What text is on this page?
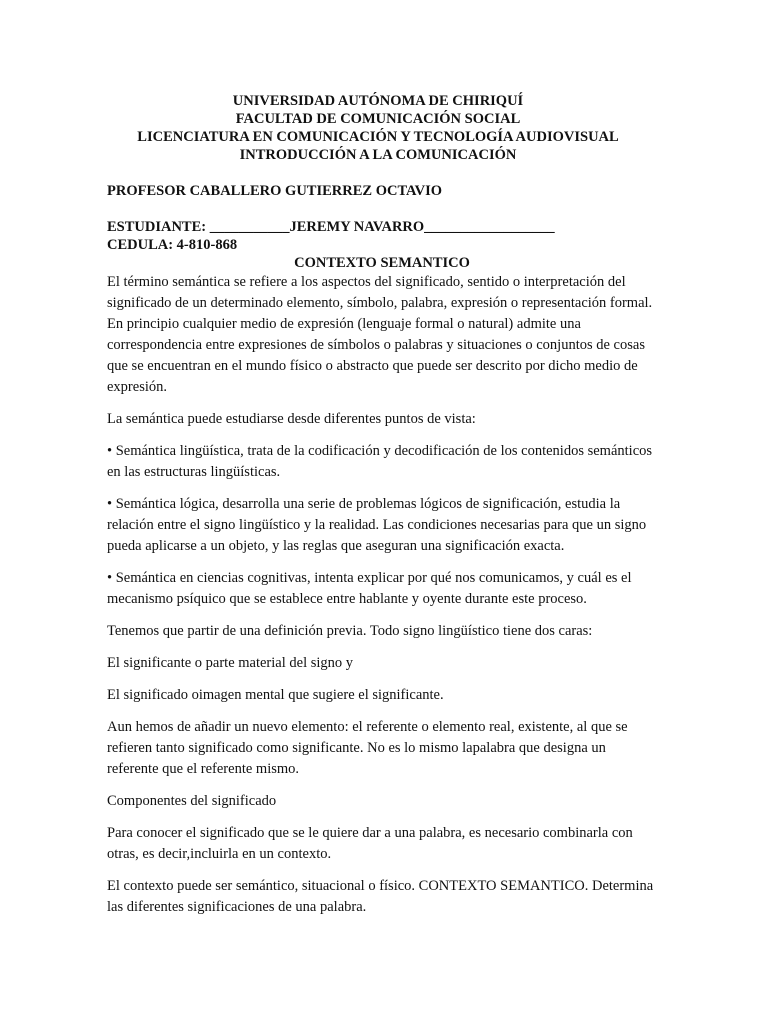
UNIVERSIDAD AUTÓNOMA DE CHIRIQUÍ
FACULTAD DE COMUNICACIÓN SOCIAL
LICENCIATURA EN COMUNICACIÓN Y TECNOLOGÍA AUDIOVISUAL
INTRODUCCIÓN A LA COMUNICACIÓN
PROFESOR CABALLERO GUTIERREZ OCTAVIO
ESTUDIANTE: ___________JEREMY NAVARRO__________________
CEDULA: 4-810-868
CONTEXTO SEMANTICO

El término semántica se refiere a los aspectos del significado, sentido o interpretación del significado de un determinado elemento, símbolo, palabra, expresión o representación formal. En principio cualquier medio de expresión (lenguaje formal o natural) admite una correspondencia entre expresiones de símbolos o palabras y situaciones o conjuntos de cosas que se encuentran en el mundo físico o abstracto que puede ser descrito por dicho medio de expresión.

La semántica puede estudiarse desde diferentes puntos de vista:

• Semántica lingüística, trata de la codificación y decodificación de los contenidos semánticos en las estructuras lingüísticas.

• Semántica lógica, desarrolla una serie de problemas lógicos de significación, estudia la relación entre el signo lingüístico y la realidad. Las condiciones necesarias para que un signo pueda aplicarse a un objeto, y las reglas que aseguran una significación exacta.

• Semántica en ciencias cognitivas, intenta explicar por qué nos comunicamos, y cuál es el mecanismo psíquico que se establece entre hablante y oyente durante este proceso.

Tenemos que partir de una definición previa. Todo signo lingüístico tiene dos caras:

El significante o parte material del signo y

El significado oimagen mental que sugiere el significante.

Aun hemos de añadir un nuevo elemento: el referente o elemento real, existente, al que se refieren tanto significado como significante. No es lo mismo lapalabra que designa un referente que el referente mismo.

Componentes del significado

Para conocer el significado que se le quiere dar a una palabra, es necesario combinarla con otras, es decir,incluirla en un contexto.

El contexto puede ser semántico, situacional o físico. CONTEXTO SEMANTICO. Determina las diferentes significaciones de una palabra.
